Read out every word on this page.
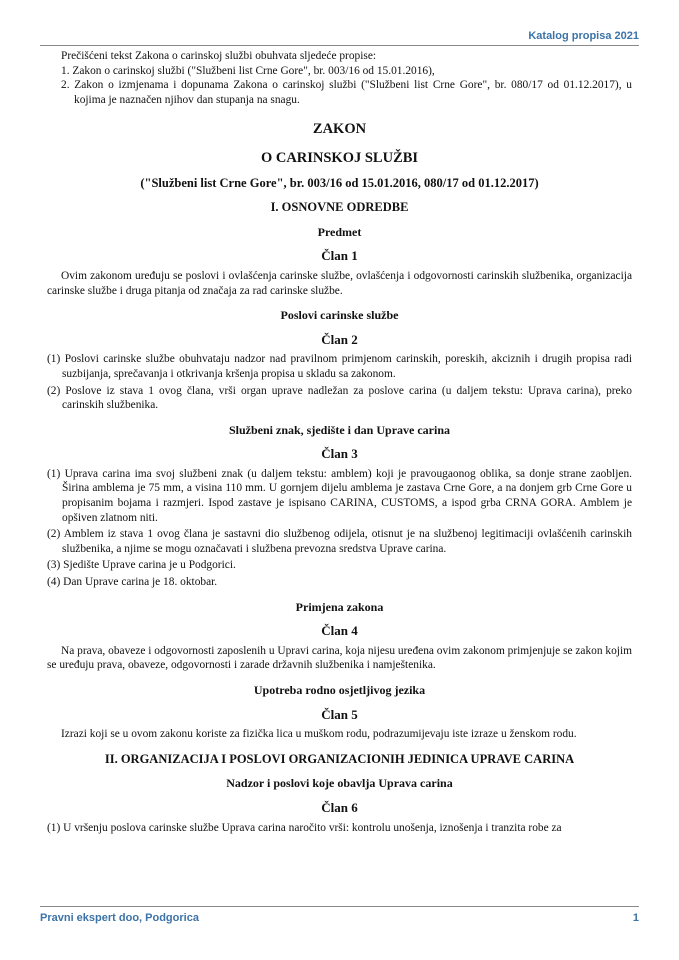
Katalog propisa 2021

Prečišćeni tekst Zakona o carinskoj službi obuhvata sljedeće propise:

1. Zakon o carinskoj službi ("Službeni list Crne Gore", br. 003/16 od 15.01.2016),

2. Zakon o izmjenama i dopunama Zakona o carinskoj službi ("Službeni list Crne Gore", br. 080/17 od 01.12.2017), u kojima je naznačen njihov dan stupanja na snagu.

ZAKON
O CARINSKOJ SLUŽBI
("Službeni list Crne Gore", br. 003/16 od 15.01.2016, 080/17 od 01.12.2017)
I. OSNOVNE ODREDBE
Predmet
Član 1

Ovim zakonom uređuju se poslovi i ovlašćenja carinske službe, ovlašćenja i odgovornosti carinskih službenika, organizacija carinske službe i druga pitanja od značaja za rad carinske službe.

Poslovi carinske službe
Član 2

(1) Poslovi carinske službe obuhvataju nadzor nad pravilnom primjenom carinskih, poreskih, akciznih i drugih propisa radi suzbijanja, sprečavanja i otkrivanja kršenja propisa u skladu sa zakonom.

(2) Poslove iz stava 1 ovog člana, vrši organ uprave nadležan za poslove carina (u daljem tekstu: Uprava carina), preko carinskih službenika.

Službeni znak, sjedište i dan Uprave carina
Član 3

(1) Uprava carina ima svoj službeni znak (u daljem tekstu: amblem) koji je pravougaonog oblika, sa donje strane zaobljen. Širina amblema je 75 mm, a visina 110 mm. U gornjem dijelu amblema je zastava Crne Gore, a na donjem grb Crne Gore u propisanim bojama i razmjeri. Ispod zastave je ispisano CARINA, CUSTOMS, a ispod grba CRNA GORA. Amblem je opšiven zlatnom niti.

(2) Amblem iz stava 1 ovog člana je sastavni dio službenog odijela, otisnut je na službenoj legitimaciji ovlašćenih carinskih službenika, a njime se mogu označavati i službena prevozna sredstva Uprave carina.

(3) Sjedište Uprave carina je u Podgorici.

(4) Dan Uprave carina je 18. oktobar.

Primjena zakona
Član 4

Na prava, obaveze i odgovornosti zaposlenih u Upravi carina, koja nijesu uređena ovim zakonom primjenjuje se zakon kojim se uređuju prava, obaveze, odgovornosti i zarade državnih službenika i namještenika.

Upotreba rodno osjetljivog jezika
Član 5

Izrazi koji se u ovom zakonu koriste za fizička lica u muškom rodu, podrazumijevaju iste izraze u ženskom rodu.

II. ORGANIZACIJA I POSLOVI ORGANIZACIONIH JEDINICA UPRAVE CARINA
Nadzor i poslovi koje obavlja Uprava carina
Član 6

(1) U vršenju poslova carinske službe Uprava carina naročito vrši: kontrolu unošenja, iznošenja i tranzita robe za

Pravni ekspert doo, Podgorica	1
